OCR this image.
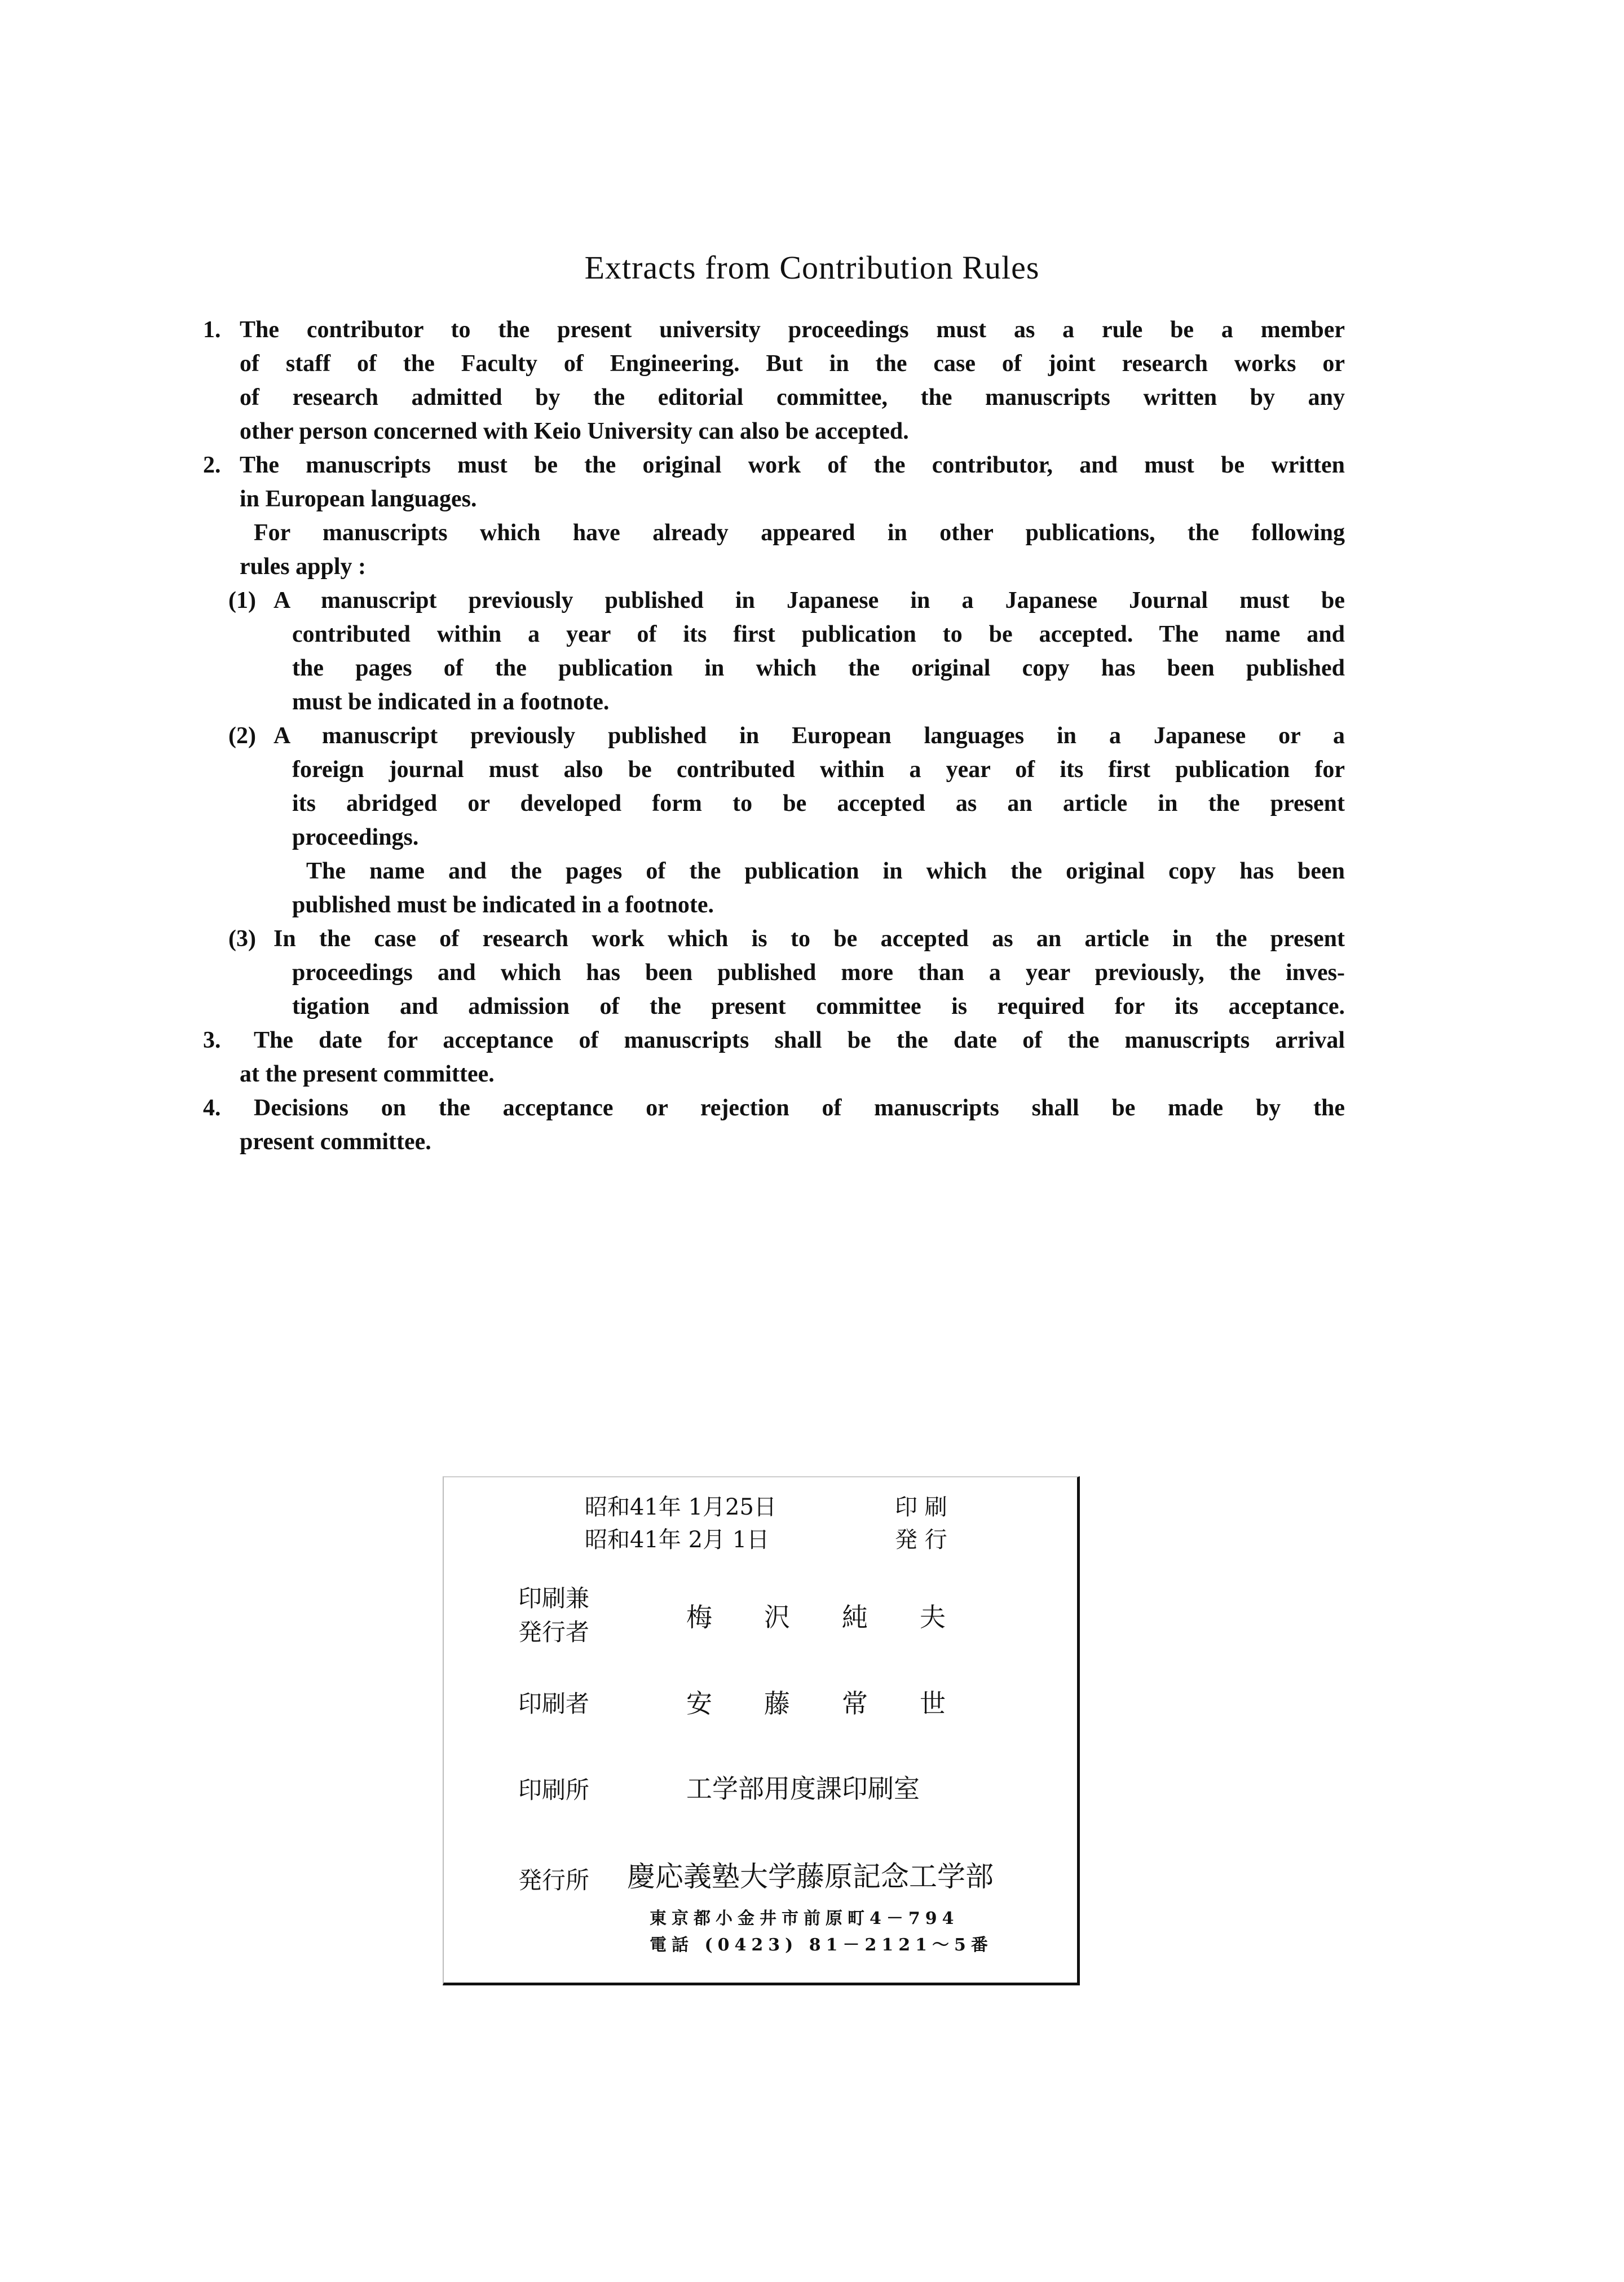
Extracts from Contribution Rules
1. The contributor to the present university proceedings must as a rule be a member
of staff of the Faculty of Engineering. But in the case of joint research works or
of research admitted by the editorial committee, the manuscripts written by any
other person concerned with Keio University can also be accepted.
2. The manuscripts must be the original work of the contributor, and must be written
in European languages.
For manuscripts which have already appeared in other publications, the following
rules apply :
(1) A manuscript previously published in Japanese in a Japanese Journal must be
contributed within a year of its first publication to be accepted. The name and
the pages of the publication in which the original copy has been published
must be indicated in a footnote.
(2) A manuscript previously published in European languages in a Japanese or a
foreign journal must also be contributed within a year of its first publication for
its abridged or developed form to be accepted as an article in the present
proceedings.
The name and the pages of the publication in which the original copy has been
published must be indicated in a footnote.
(3) In the case of research work which is to be accepted as an article in the present
proceedings and which has been published more than a year previously, the inves-
tigation and admission of the present committee is required for its acceptance.
3. The date for acceptance of manuscripts shall be the date of the manuscripts arrival
at the present committee.
4. Decisions on the acceptance or rejection of manuscripts shall be made by the
present committee.
昭和41年 1月25日	印 刷
昭和41年 2月 1日	発 行
印刷兼
発行者	梅沢純夫
印刷者	安藤常世
印刷所	工学部用度課印刷室
発行所 慶応義塾大学藤原記念工学部
東京都小金井市前原町4－794
電話 (0423) 81－2121～5番
